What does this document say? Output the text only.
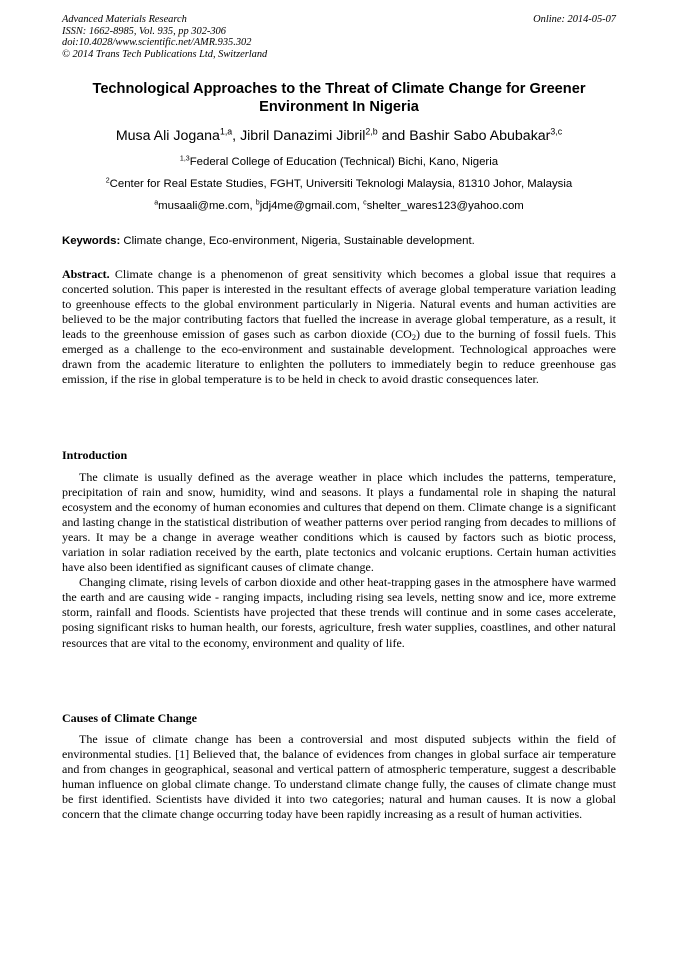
Advanced Materials Research
ISSN: 1662-8985, Vol. 935, pp 302-306
doi:10.4028/www.scientific.net/AMR.935.302
© 2014 Trans Tech Publications Ltd, Switzerland
Online: 2014-05-07
Technological Approaches to the Threat of Climate Change for Greener Environment In Nigeria
Musa Ali Jogana$^{1,a}$, Jibril Danazimi Jibril$^{2,b}$ and Bashir Sabo Abubakar$^{3,c}$
$^{1,3}$Federal College of Education (Technical) Bichi, Kano, Nigeria
$^2$Center for Real Estate Studies, FGHT, Universiti Teknologi Malaysia, 81310 Johor, Malaysia
$^a$musaali@me.com, $^b$jdj4me@gmail.com, $^c$shelter_wares123@yahoo.com
Keywords: Climate change, Eco-environment, Nigeria, Sustainable development.

Abstract. Climate change is a phenomenon of great sensitivity which becomes a global issue that requires a concerted solution. This paper is interested in the resultant effects of average global temperature variation leading to greenhouse effects to the global environment particularly in Nigeria. Natural events and human activities are believed to be the major contributing factors that fuelled the increase in average global temperature, as a result, it leads to the greenhouse emission of gases such as carbon dioxide $(CO_2)$ due to the burning of fossil fuels. This emerged as a challenge to the eco-environment and sustainable development. Technological approaches were drawn from the academic literature to enlighten the polluters to immediately begin to reduce greenhouse gas emission, if the rise in global temperature is to be held in check to avoid drastic consequences later.

Introduction

The climate is usually defined as the average weather in place which includes the patterns, temperature, precipitation of rain and snow, humidity, wind and seasons. It plays a fundamental role in shaping the natural ecosystem and the economy of human economies and cultures that depend on them. Climate change is a significant and lasting change in the statistical distribution of weather patterns over period ranging from decades to millions of years. It may be a change in average weather conditions which is caused by factors such as biotic process, variation in solar radiation received by the earth, plate tectonics and volcanic eruptions. Certain human activities have also been identified as significant causes of climate change.

Changing climate, rising levels of carbon dioxide and other heat-trapping gases in the atmosphere have warmed the earth and are causing wide - ranging impacts, including rising sea levels, netting snow and ice, more extreme storm, rainfall and floods. Scientists have projected that these trends will continue and in some cases accelerate, posing significant risks to human health, our forests, agriculture, fresh water supplies, coastlines, and other natural resources that are vital to the economy, environment and quality of life.

Causes of Climate Change

The issue of climate change has been a controversial and most disputed subjects within the field of environmental studies. [1] Believed that, the balance of evidences from changes in global surface air temperature and from changes in geographical, seasonal and vertical pattern of atmospheric temperature, suggest a describable human influence on global climate change. To understand climate change fully, the causes of climate change must be first identified. Scientists have divided it into two categories; natural and human causes. It is now a global concern that the climate change occurring today have been rapidly increasing as a result of human activities.
